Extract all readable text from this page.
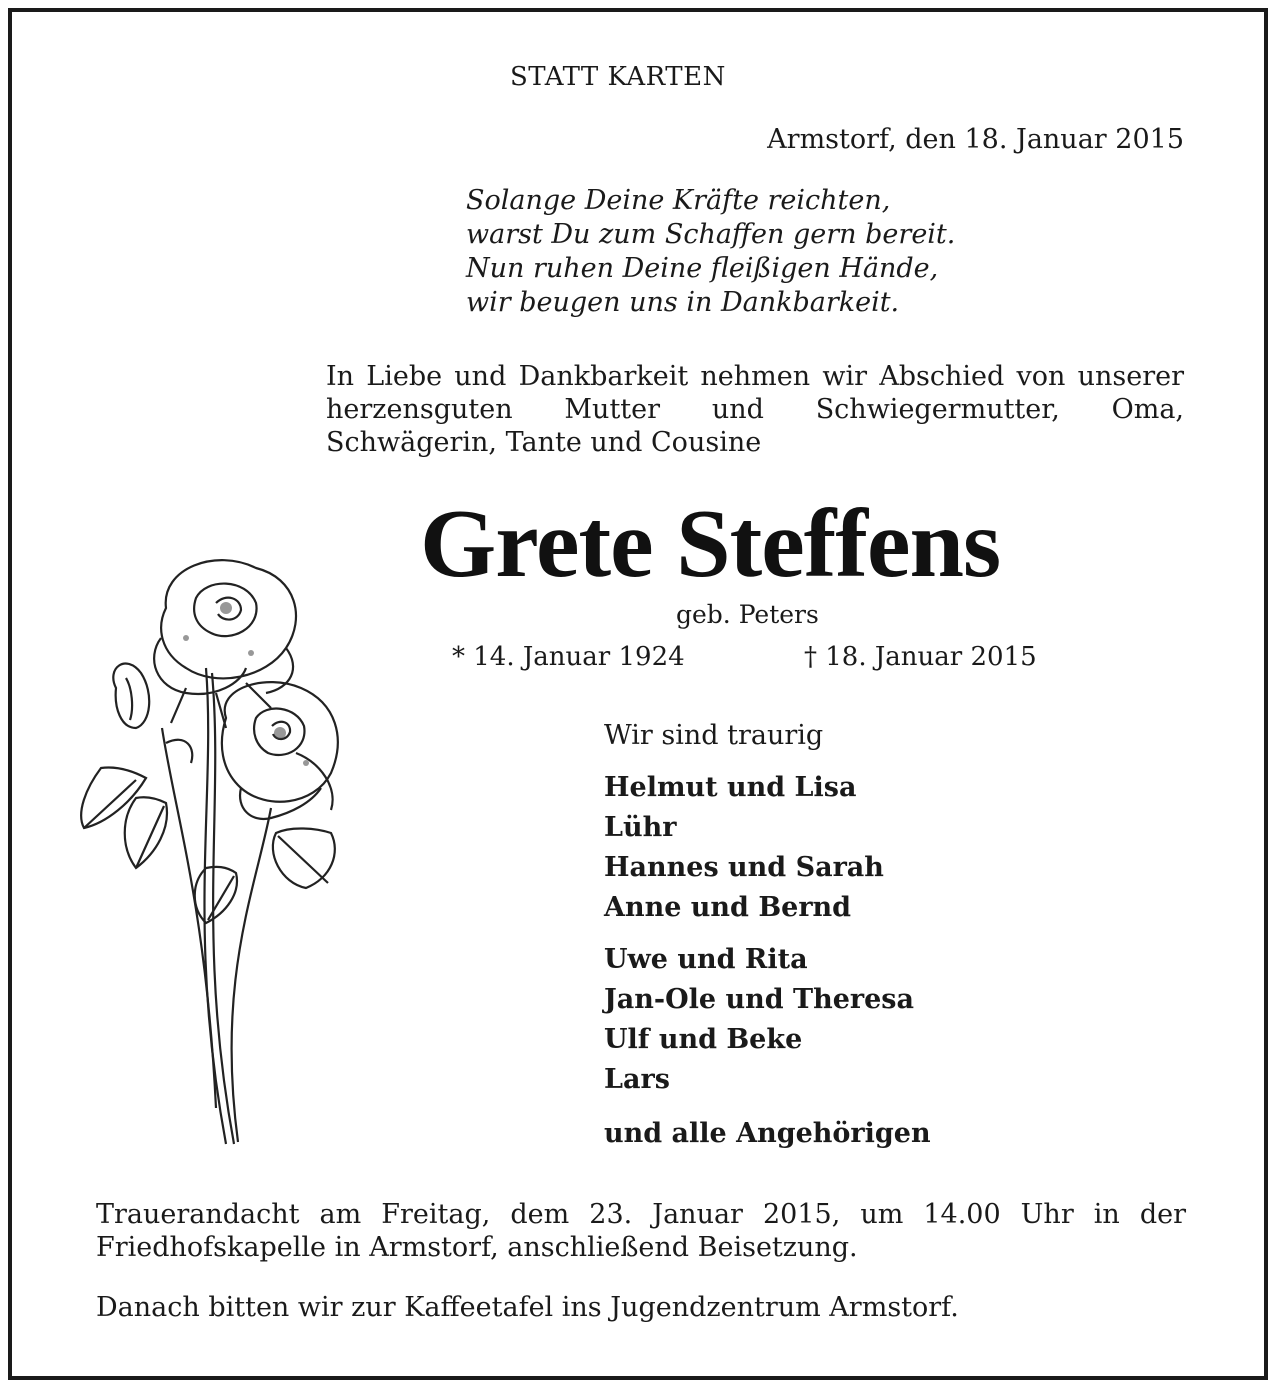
STATT KARTEN
Armstorf, den 18. Januar 2015
Solange Deine Kräfte reichten,
warst Du zum Schaffen gern bereit.
Nun ruhen Deine fleißigen Hände,
wir beugen uns in Dankbarkeit.
In Liebe und Dankbarkeit nehmen wir Abschied von unserer herzensguten Mutter und Schwiegermutter, Oma, Schwägerin, Tante und Cousine
Grete Steffens
geb. Peters
* 14. Januar 1924	† 18. Januar 2015
Wir sind traurig
Helmut und Lisa
Lühr
Hannes und Sarah
Anne und Bernd
Uwe und Rita
Jan-Ole und Theresa
Ulf und Beke
Lars
und alle Angehörigen
Trauerandacht am Freitag, dem 23. Januar 2015, um 14.00 Uhr in der Friedhofskapelle in Armstorf, anschließend Beisetzung.
Danach bitten wir zur Kaffeetafel ins Jugendzentrum Armstorf.
